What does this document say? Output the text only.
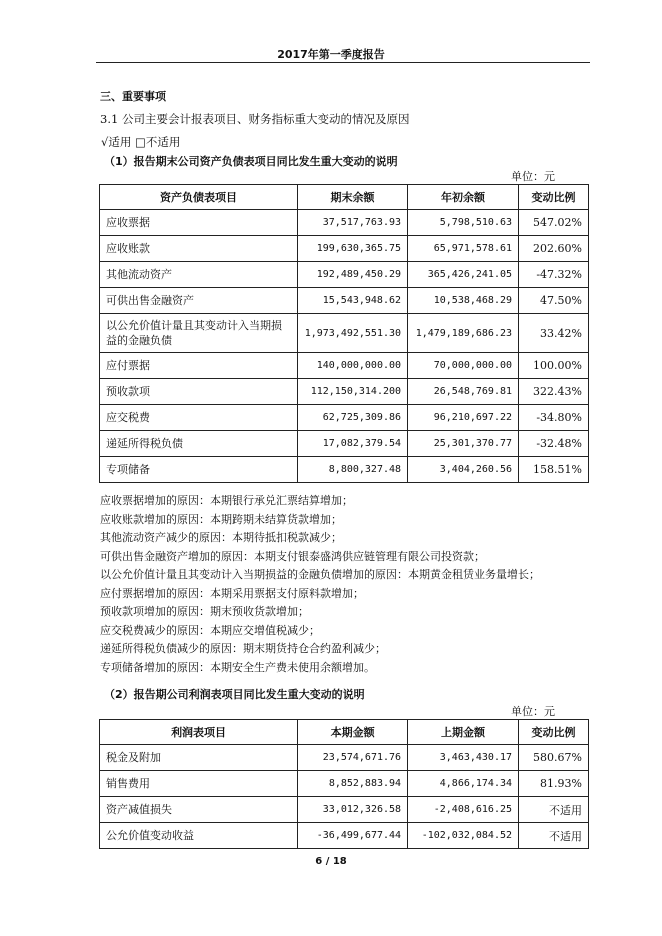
2017年第一季度报告
三、重要事项
3.1 公司主要会计报表项目、财务指标重大变动的情况及原因
√适用 □不适用
（1）报告期末公司资产负债表项目同比发生重大变动的说明
单位：元
资产负债表项目	期末余额	年初余额	变动比例
应收票据	37,517,763.93	5,798,510.63	547.02%
应收账款	199,630,365.75	65,971,578.61	202.60%
其他流动资产	192,489,450.29	365,426,241.05	-47.32%
可供出售金融资产	15,543,948.62	10,538,468.29	47.50%
以公允价值计量且其变动计入当期损益的金融负债	1,973,492,551.30	1,479,189,686.23	33.42%
应付票据	140,000,000.00	70,000,000.00	100.00%
预收款项	112,150,314.200	26,548,769.81	322.43%
应交税费	62,725,309.86	96,210,697.22	-34.80%
递延所得税负债	17,082,379.54	25,301,370.77	-32.48%
专项储备	8,800,327.48	3,404,260.56	158.51%
应收票据增加的原因：本期银行承兑汇票结算增加；
应收账款增加的原因：本期跨期未结算货款增加；
其他流动资产减少的原因：本期待抵扣税款减少；
可供出售金融资产增加的原因：本期支付银泰盛鸿供应链管理有限公司投资款；
以公允价值计量且其变动计入当期损益的金融负债增加的原因：本期黄金租赁业务量增长；
应付票据增加的原因：本期采用票据支付原料款增加；
预收款项增加的原因：期末预收货款增加；
应交税费减少的原因：本期应交增值税减少；
递延所得税负债减少的原因：期末期货持仓合约盈利减少；
专项储备增加的原因：本期安全生产费未使用余额增加。
（2）报告期公司利润表项目同比发生重大变动的说明
单位：元
利润表项目	本期金额	上期金额	变动比例
税金及附加	23,574,671.76	3,463,430.17	580.67%
销售费用	8,852,883.94	4,866,174.34	81.93%
资产减值损失	33,012,326.58	-2,408,616.25	不适用
公允价值变动收益	-36,499,677.44	-102,032,084.52	不适用
6 / 18
